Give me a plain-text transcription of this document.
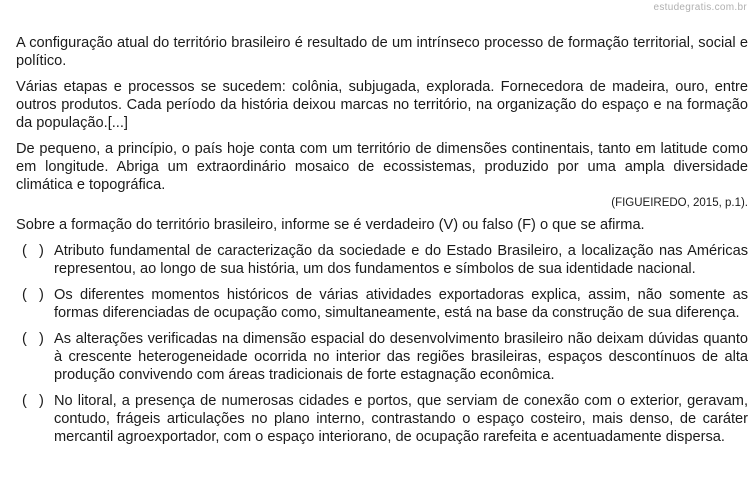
estudegratis.com.br

A configuração atual do território brasileiro é resultado de um intrínseco processo de formação territorial, social e político.

Várias etapas e processos se sucedem: colônia, subjugada, explorada. Fornecedora de madeira, ouro, entre outros produtos. Cada período da história deixou marcas no território, na organização do espaço e na formação da população.[...]

De pequeno, a princípio, o país hoje conta com um território de dimensões continentais, tanto em latitude como em longitude. Abriga um extraordinário mosaico de ecossistemas, produzido por uma ampla diversidade climática e topográfica.

(FIGUEIREDO, 2015, p.1).

Sobre a formação do território brasileiro, informe se é verdadeiro (V) ou falso (F) o que se afirma.

(   ) Atributo fundamental de caracterização da sociedade e do Estado Brasileiro, a localização nas Américas representou, ao longo de sua história, um dos fundamentos e símbolos de sua identidade nacional.
(   ) Os diferentes momentos históricos de várias atividades exportadoras explica, assim, não somente as formas diferenciadas de ocupação como, simultaneamente, está na base da construção de sua diferença.
(   ) As alterações verificadas na dimensão espacial do desenvolvimento brasileiro não deixam dúvidas quanto à crescente heterogeneidade ocorrida no interior das regiões brasileiras, espaços descontínuos de alta produção convivendo com áreas tradicionais de forte estagnação econômica.
(   ) No litoral, a presença de numerosas cidades e portos, que serviam de conexão com o exterior, geravam, contudo, frágeis articulações no plano interno, contrastando o espaço costeiro, mais denso, de caráter mercantil agroexportador, com o espaço interiorano, de ocupação rarefeita e acentuadamente dispersa.
